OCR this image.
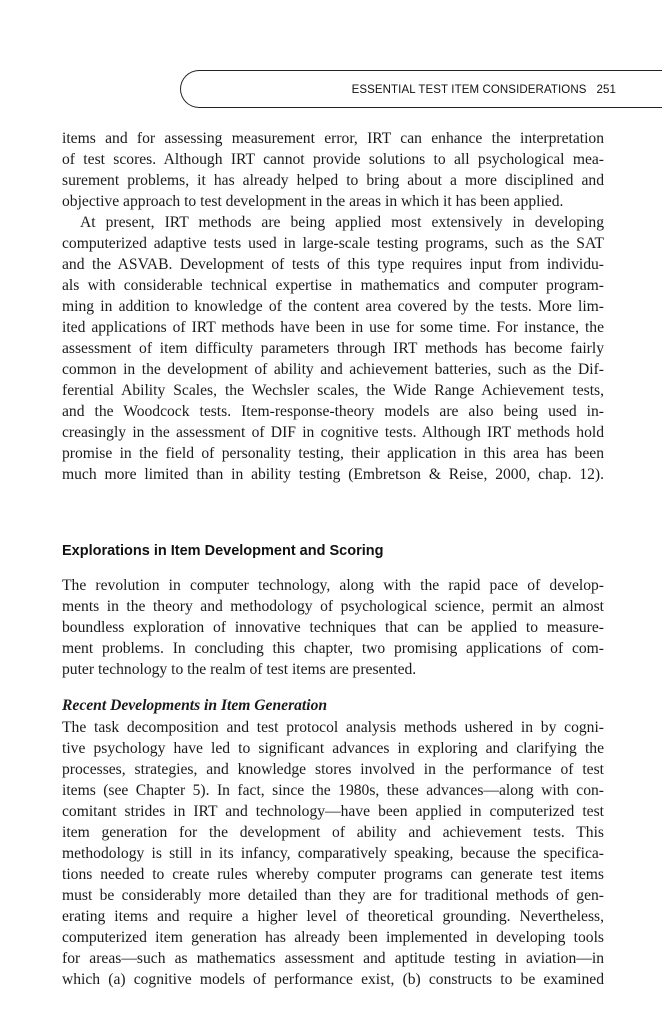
ESSENTIAL TEST ITEM CONSIDERATIONS 251
items and for assessing measurement error, IRT can enhance the interpretation
of test scores. Although IRT cannot provide solutions to all psychological mea-
surement problems, it has already helped to bring about a more disciplined and
objective approach to test development in the areas in which it has been applied.
At present, IRT methods are being applied most extensively in developing
computerized adaptive tests used in large-scale testing programs, such as the SAT
and the ASVAB. Development of tests of this type requires input from individu-
als with considerable technical expertise in mathematics and computer program-
ming in addition to knowledge of the content area covered by the tests. More lim-
ited applications of IRT methods have been in use for some time. For instance, the
assessment of item difficulty parameters through IRT methods has become fairly
common in the development of ability and achievement batteries, such as the Dif-
ferential Ability Scales, the Wechsler scales, the Wide Range Achievement tests,
and the Woodcock tests. Item-response-theory models are also being used in-
creasingly in the assessment of DIF in cognitive tests. Although IRT methods hold
promise in the field of personality testing, their application in this area has been
much more limited than in ability testing (Embretson & Reise, 2000, chap. 12).
Explorations in Item Development and Scoring
The revolution in computer technology, along with the rapid pace of develop-
ments in the theory and methodology of psychological science, permit an almost
boundless exploration of innovative techniques that can be applied to measure-
ment problems. In concluding this chapter, two promising applications of com-
puter technology to the realm of test items are presented.
Recent Developments in Item Generation
The task decomposition and test protocol analysis methods ushered in by cogni-
tive psychology have led to significant advances in exploring and clarifying the
processes, strategies, and knowledge stores involved in the performance of test
items (see Chapter 5). In fact, since the 1980s, these advances—along with con-
comitant strides in IRT and technology—have been applied in computerized test
item generation for the development of ability and achievement tests. This
methodology is still in its infancy, comparatively speaking, because the specifica-
tions needed to create rules whereby computer programs can generate test items
must be considerably more detailed than they are for traditional methods of gen-
erating items and require a higher level of theoretical grounding. Nevertheless,
computerized item generation has already been implemented in developing tools
for areas—such as mathematics assessment and aptitude testing in aviation—in
which (a) cognitive models of performance exist, (b) constructs to be examined
